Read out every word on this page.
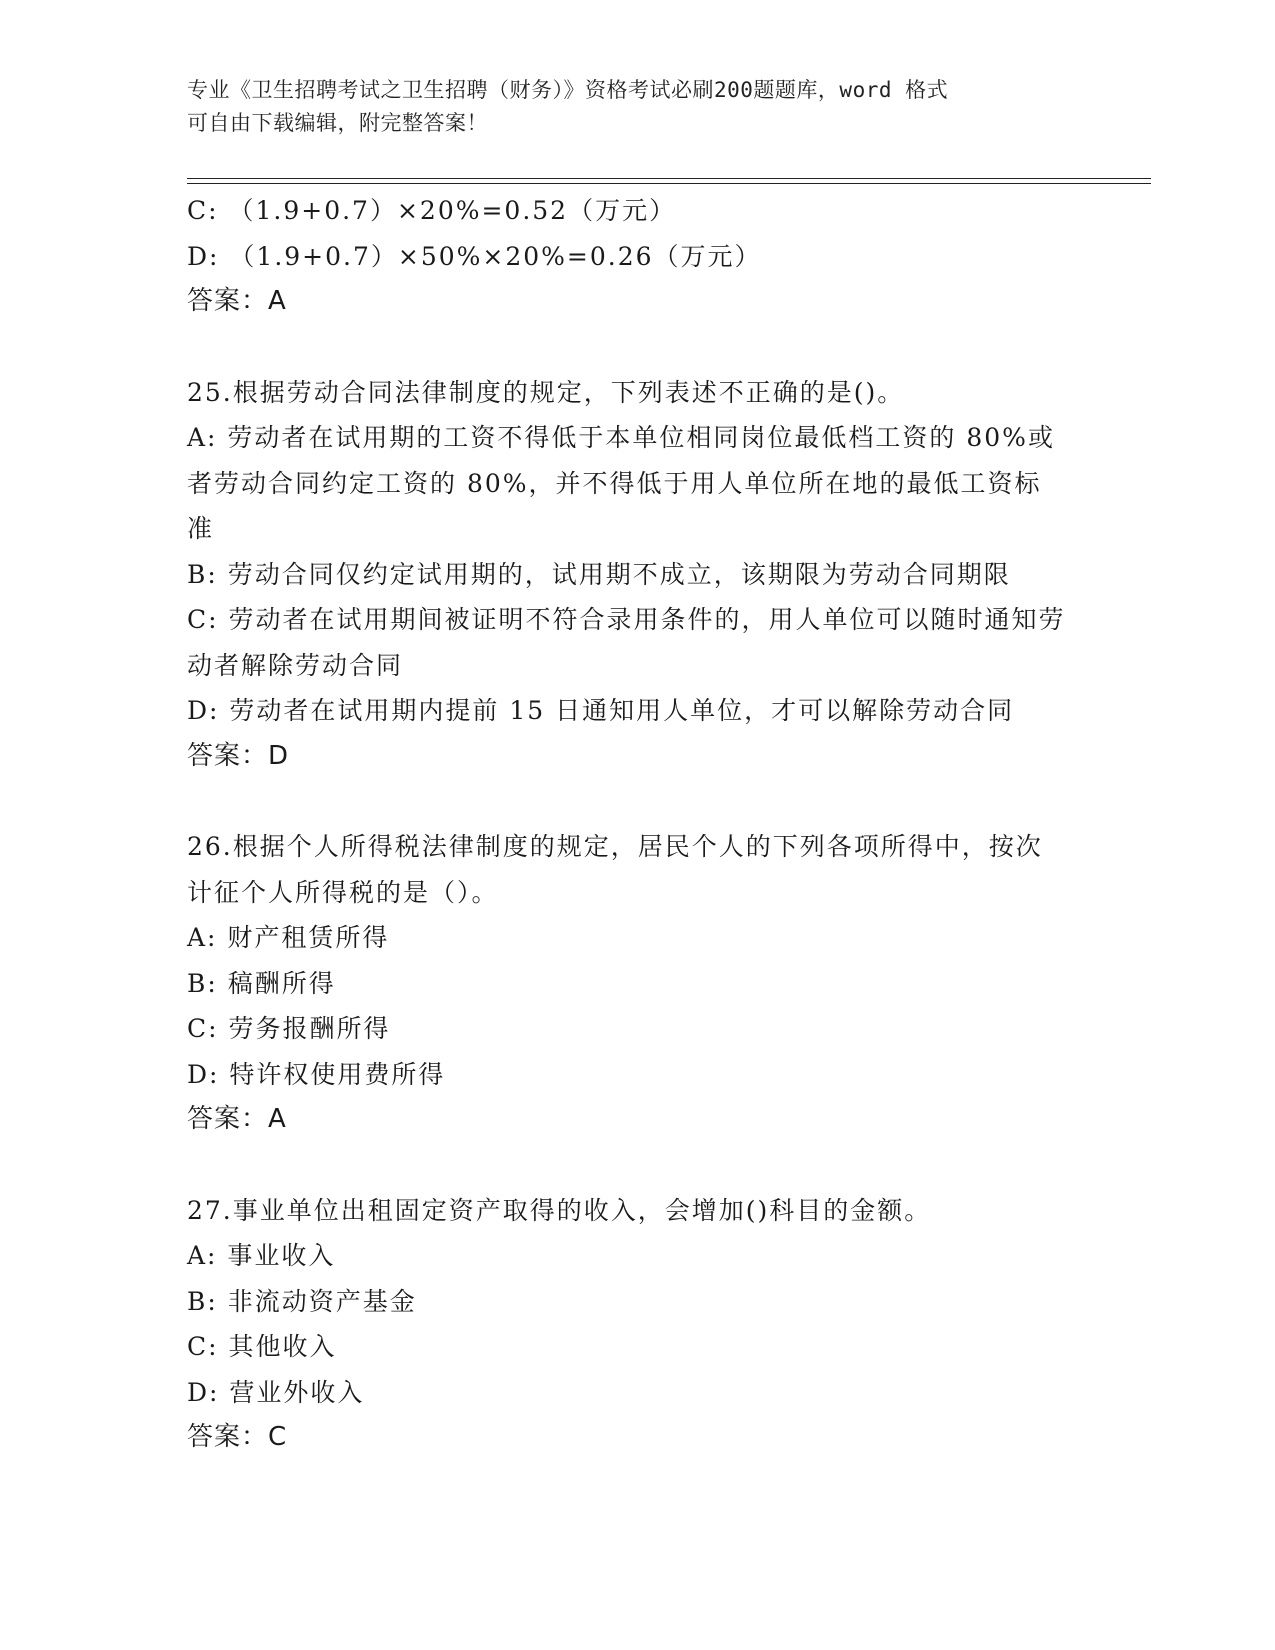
专业《卫生招聘考试之卫生招聘（财务）》资格考试必刷200题题库，word 格式
可自由下载编辑，附完整答案！
C: （1.9+0.7）×20%=0.52（万元）
D: （1.9+0.7）×50%×20%=0.26（万元）
答案：A
25.根据劳动合同法律制度的规定，下列表述不正确的是()。
A: 劳动者在试用期的工资不得低于本单位相同岗位最低档工资的 80%或者劳动合同约定工资的 80%，并不得低于用人单位所在地的最低工资标准
B: 劳动合同仅约定试用期的，试用期不成立，该期限为劳动合同期限
C: 劳动者在试用期间被证明不符合录用条件的，用人单位可以随时通知劳动者解除劳动合同
D: 劳动者在试用期内提前 15 日通知用人单位，才可以解除劳动合同
答案：D
26.根据个人所得税法律制度的规定，居民个人的下列各项所得中，按次计征个人所得税的是（）。
A: 财产租赁所得
B: 稿酬所得
C: 劳务报酬所得
D: 特许权使用费所得
答案：A
27.事业单位出租固定资产取得的收入，会增加()科目的金额。
A: 事业收入
B: 非流动资产基金
C: 其他收入
D: 营业外收入
答案：C
